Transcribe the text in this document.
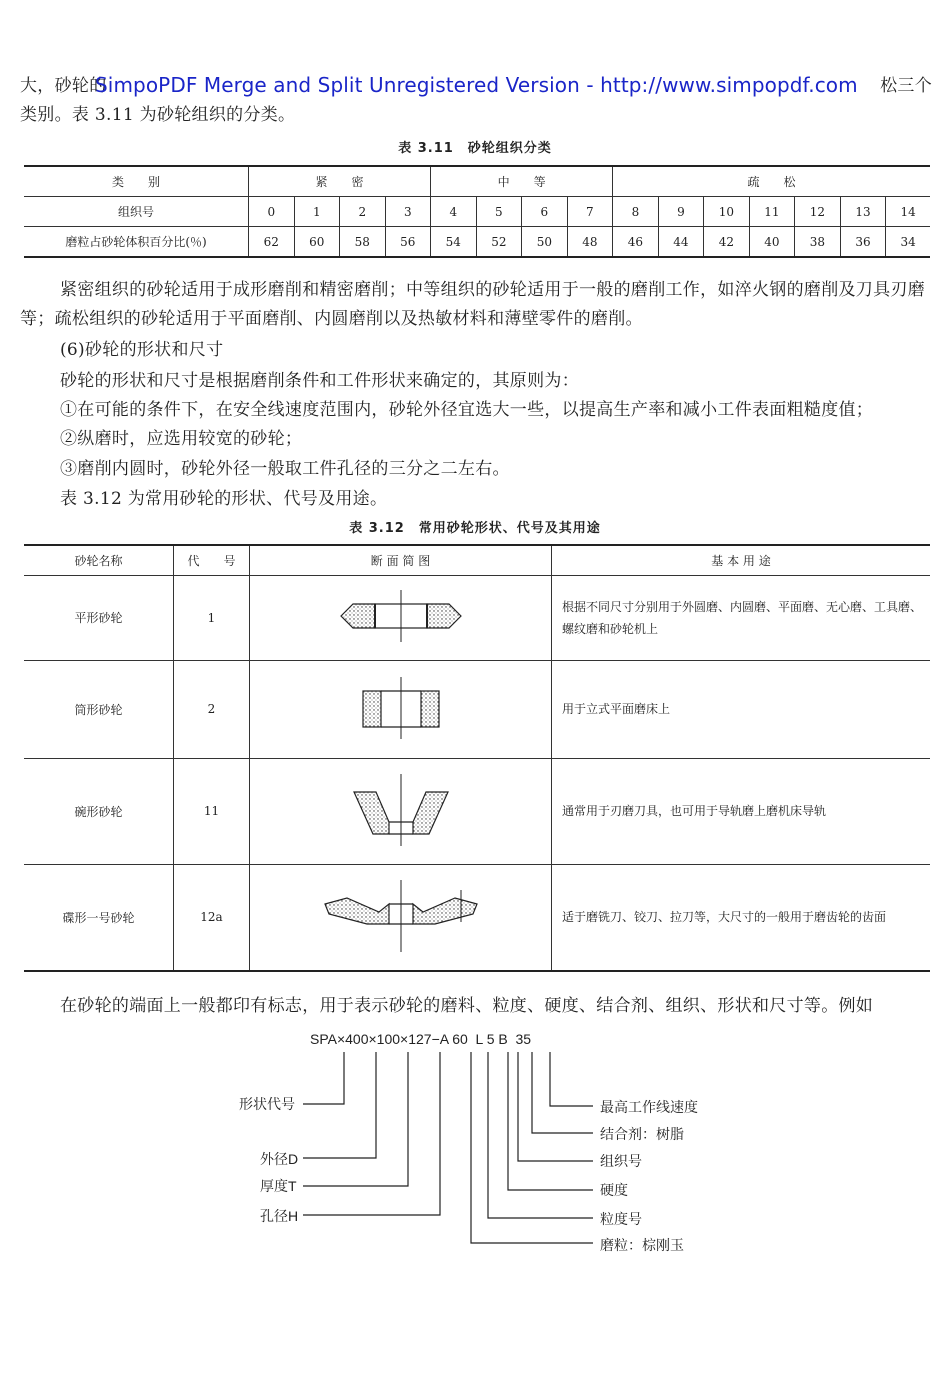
大，砂轮的	松三个

类别。表 3.11 为砂轮组织的分类。
SimpoPDF Merge and Split Unregistered Version - http://www.simpopdf.com
表 3.11　砂轮组织分类
类　　别	紧　　密				中　　等				疏　　松						
组织号	0	1	2	3	4	5	6	7	8	9	10	11	12	13	14
磨粒占砂轮体积百分比(％)	62	60	58	56	54	52	50	48	46	44	42	40	38	36	34
紧密组织的砂轮适用于成形磨削和精密磨削；中等组织的砂轮适用于一般的磨削工作，如淬火钢的磨削及刀具刃磨等；疏松组织的砂轮适用于平面磨削、内圆磨削以及热敏材料和薄壁零件的磨削。
(6)砂轮的形状和尺寸
砂轮的形状和尺寸是根据磨削条件和工件形状来确定的，其原则为：
①在可能的条件下，在安全线速度范围内，砂轮外径宜选大一些，以提高生产率和减小工件表面粗糙度值；
②纵磨时，应选用较宽的砂轮；
③磨削内圆时，砂轮外径一般取工件孔径的三分之二左右。
表 3.12 为常用砂轮的形状、代号及用途。
表 3.12　常用砂轮形状、代号及其用途
砂轮名称	代　　号	断 面 简 图	基 本 用 途
平形砂轮	1		根据不同尺寸分别用于外圆磨、内圆磨、平面磨、无心磨、工具磨、螺纹磨和砂轮机上
筒形砂轮	2		用于立式平面磨床上
碗形砂轮	11		通常用于刃磨刀具，也可用于导轨磨上磨机床导轨
碟形一号砂轮	12a		适于磨铣刀、铰刀、拉刀等，大尺寸的一般用于磨齿轮的齿面
在砂轮的端面上一般都印有标志，用于表示砂轮的磨料、粒度、硬度、结合剂、组织、形状和尺寸等。例如
SPA×400×100×127−A 60  L 5 B  35
形状代号
外径D
厚度T
孔径H
最高工作线速度
结合剂：树脂
组织号
硬度
粒度号
磨粒：棕刚玉
